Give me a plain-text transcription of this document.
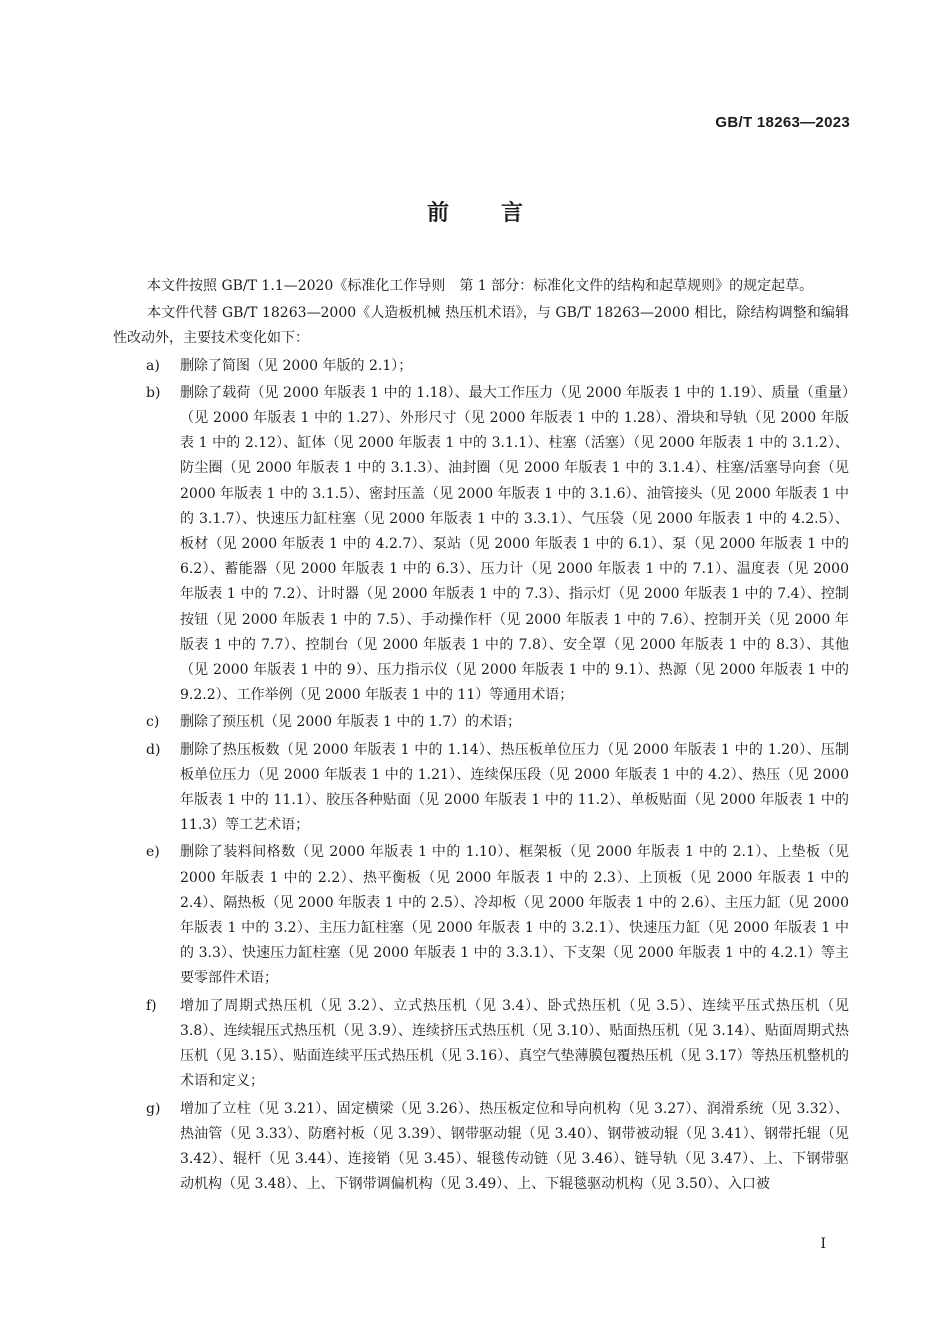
GB/T 18263—2023
前言

本文件按照 GB/T 1.1—2020《标准化工作导则　第 1 部分：标准化文件的结构和起草规则》的规定起草。

本文件代替 GB/T 18263—2000《人造板机械 热压机术语》，与 GB/T 18263—2000 相比，除结构调整和编辑性改动外，主要技术变化如下：

a) 删除了简图（见 2000 年版的 2.1）；
b) 删除了载荷（见 2000 年版表 1 中的 1.18）、最大工作压力（见 2000 年版表 1 中的 1.19）、质量（重量）（见 2000 年版表 1 中的 1.27）、外形尺寸（见 2000 年版表 1 中的 1.28）、滑块和导轨（见 2000 年版表 1 中的 2.12）、缸体（见 2000 年版表 1 中的 3.1.1）、柱塞（活塞）（见 2000 年版表 1 中的 3.1.2）、防尘圈（见 2000 年版表 1 中的 3.1.3）、油封圈（见 2000 年版表 1 中的 3.1.4）、柱塞/活塞导向套（见 2000 年版表 1 中的 3.1.5）、密封压盖（见 2000 年版表 1 中的 3.1.6）、油管接头（见 2000 年版表 1 中的 3.1.7）、快速压力缸柱塞（见 2000 年版表 1 中的 3.3.1）、气压袋（见 2000 年版表 1 中的 4.2.5）、板材（见 2000 年版表 1 中的 4.2.7）、泵站（见 2000 年版表 1 中的 6.1）、泵（见 2000 年版表 1 中的 6.2）、蓄能器（见 2000 年版表 1 中的 6.3）、压力计（见 2000 年版表 1 中的 7.1）、温度表（见 2000 年版表 1 中的 7.2）、计时器（见 2000 年版表 1 中的 7.3）、指示灯（见 2000 年版表 1 中的 7.4）、控制按钮（见 2000 年版表 1 中的 7.5）、手动操作杆（见 2000 年版表 1 中的 7.6）、控制开关（见 2000 年版表 1 中的 7.7）、控制台（见 2000 年版表 1 中的 7.8）、安全罩（见 2000 年版表 1 中的 8.3）、其他（见 2000 年版表 1 中的 9）、压力指示仪（见 2000 年版表 1 中的 9.1）、热源（见 2000 年版表 1 中的 9.2.2）、工作举例（见 2000 年版表 1 中的 11）等通用术语；
c) 删除了预压机（见 2000 年版表 1 中的 1.7）的术语；
d) 删除了热压板数（见 2000 年版表 1 中的 1.14）、热压板单位压力（见 2000 年版表 1 中的 1.20）、压制板单位压力（见 2000 年版表 1 中的 1.21）、连续保压段（见 2000 年版表 1 中的 4.2）、热压（见 2000 年版表 1 中的 11.1）、胶压各种贴面（见 2000 年版表 1 中的 11.2）、单板贴面（见 2000 年版表 1 中的 11.3）等工艺术语；
e) 删除了装料间格数（见 2000 年版表 1 中的 1.10）、框架板（见 2000 年版表 1 中的 2.1）、上垫板（见 2000 年版表 1 中的 2.2）、热平衡板（见 2000 年版表 1 中的 2.3）、上顶板（见 2000 年版表 1 中的 2.4）、隔热板（见 2000 年版表 1 中的 2.5）、冷却板（见 2000 年版表 1 中的 2.6）、主压力缸（见 2000 年版表 1 中的 3.2）、主压力缸柱塞（见 2000 年版表 1 中的 3.2.1）、快速压力缸（见 2000 年版表 1 中的 3.3）、快速压力缸柱塞（见 2000 年版表 1 中的 3.3.1）、下支架（见 2000 年版表 1 中的 4.2.1）等主要零部件术语；
f) 增加了周期式热压机（见 3.2）、立式热压机（见 3.4）、卧式热压机（见 3.5）、连续平压式热压机（见 3.8）、连续辊压式热压机（见 3.9）、连续挤压式热压机（见 3.10）、贴面热压机（见 3.14）、贴面周期式热压机（见 3.15）、贴面连续平压式热压机（见 3.16）、真空气垫薄膜包覆热压机（见 3.17）等热压机整机的术语和定义；
g) 增加了立柱（见 3.21）、固定横梁（见 3.26）、热压板定位和导向机构（见 3.27）、润滑系统（见 3.32）、热油管（见 3.33）、防磨衬板（见 3.39）、钢带驱动辊（见 3.40）、钢带被动辊（见 3.41）、钢带托辊（见 3.42）、辊杆（见 3.44）、连接销（见 3.45）、辊毯传动链（见 3.46）、链导轨（见 3.47）、上、下钢带驱动机构（见 3.48）、上、下钢带调偏机构（见 3.49）、上、下辊毯驱动机构（见 3.50）、入口被
I
